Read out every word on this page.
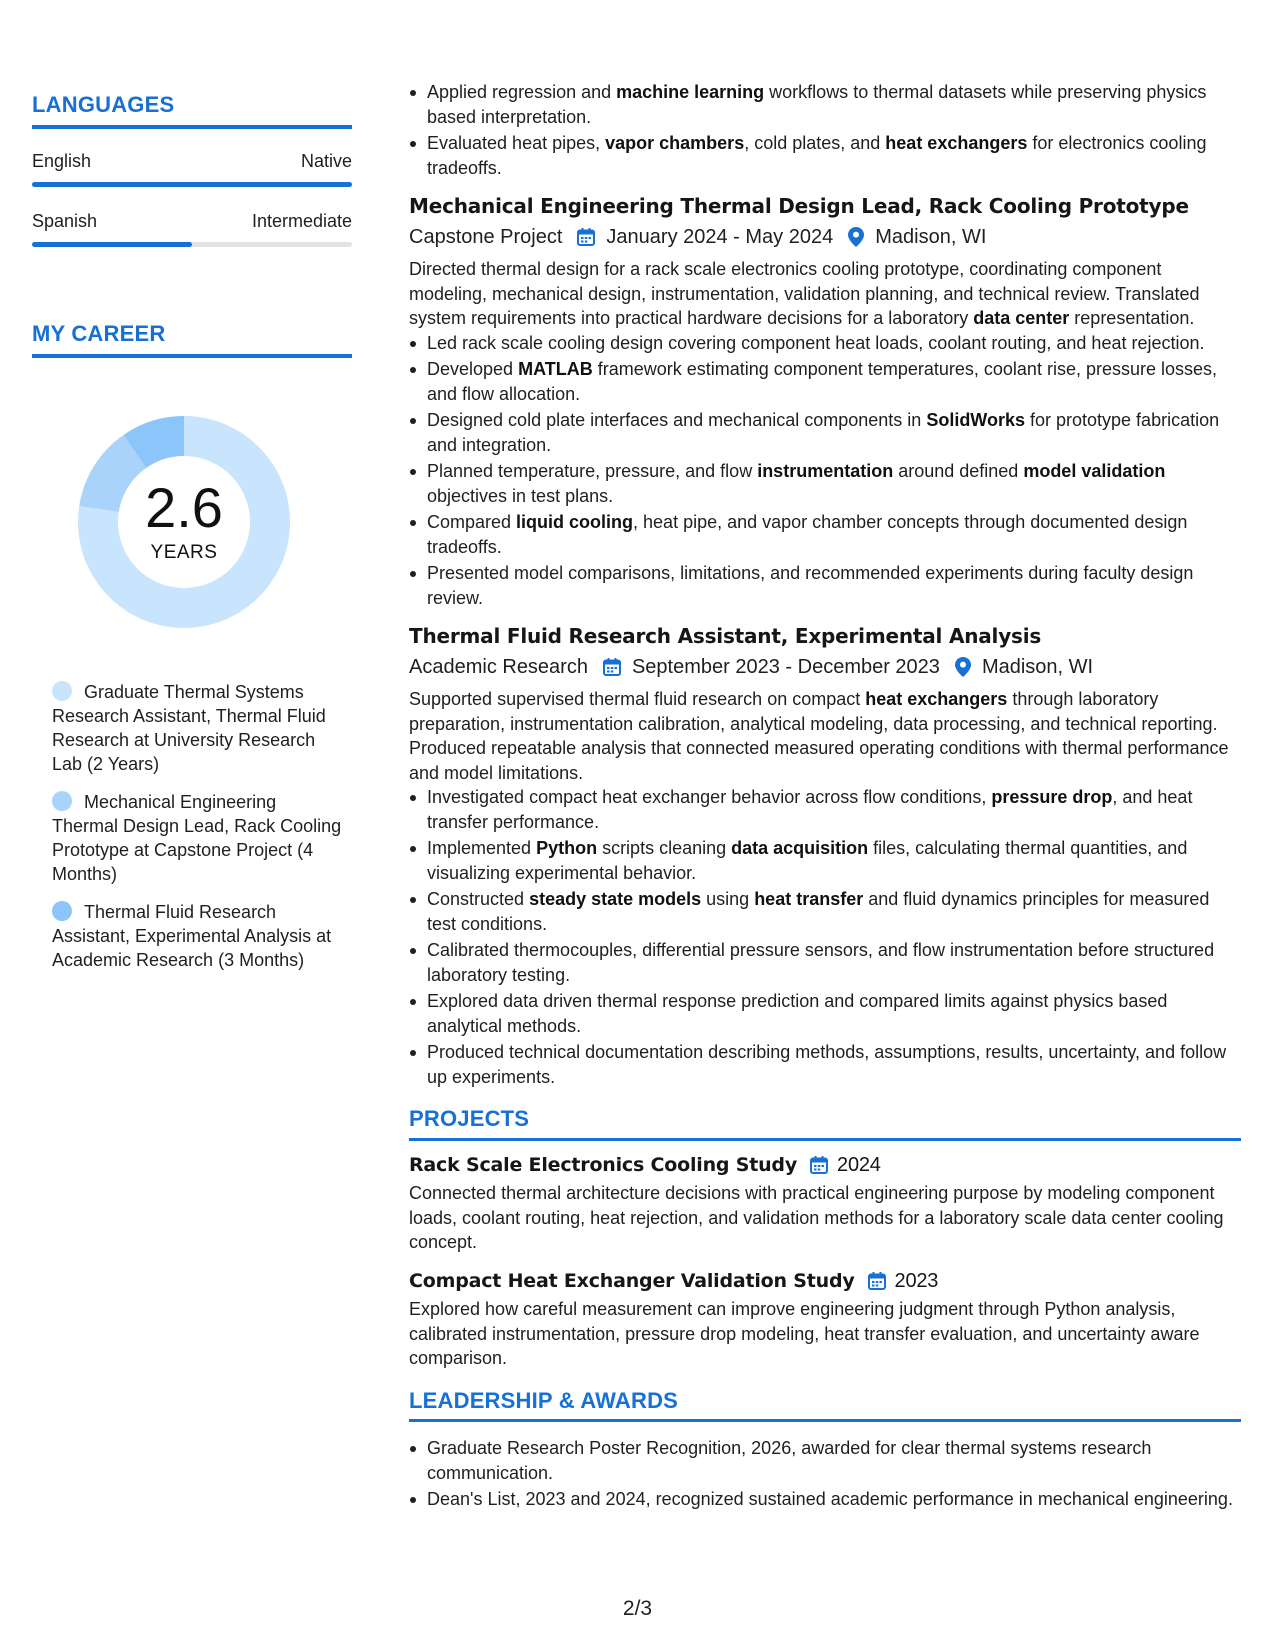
LANGUAGES
English	Native
Spanish	Intermediate
MY CAREER
2.6
YEARS
Graduate Thermal Systems Research Assistant, Thermal Fluid Research at University Research Lab (2 Years)
Mechanical Engineering Thermal Design Lead, Rack Cooling Prototype at Capstone Project (4 Months)
Thermal Fluid Research Assistant, Experimental Analysis at Academic Research (3 Months)
Applied regression and machine learning workflows to thermal datasets while preserving physics based interpretation.
Evaluated heat pipes, vapor chambers, cold plates, and heat exchangers for electronics cooling tradeoffs.
Mechanical Engineering Thermal Design Lead, Rack Cooling Prototype
Capstone Project January 2024 - May 2024 Madison, WI
Directed thermal design for a rack scale electronics cooling prototype, coordinating component modeling, mechanical design, instrumentation, validation planning, and technical review. Translated system requirements into practical hardware decisions for a laboratory data center representation.
Led rack scale cooling design covering component heat loads, coolant routing, and heat rejection.
Developed MATLAB framework estimating component temperatures, coolant rise, pressure losses, and flow allocation.
Designed cold plate interfaces and mechanical components in SolidWorks for prototype fabrication and integration.
Planned temperature, pressure, and flow instrumentation around defined model validation objectives in test plans.
Compared liquid cooling, heat pipe, and vapor chamber concepts through documented design tradeoffs.
Presented model comparisons, limitations, and recommended experiments during faculty design review.
Thermal Fluid Research Assistant, Experimental Analysis
Academic Research September 2023 - December 2023 Madison, WI
Supported supervised thermal fluid research on compact heat exchangers through laboratory preparation, instrumentation calibration, analytical modeling, data processing, and technical reporting. Produced repeatable analysis that connected measured operating conditions with thermal performance and model limitations.
Investigated compact heat exchanger behavior across flow conditions, pressure drop, and heat transfer performance.
Implemented Python scripts cleaning data acquisition files, calculating thermal quantities, and visualizing experimental behavior.
Constructed steady state models using heat transfer and fluid dynamics principles for measured test conditions.
Calibrated thermocouples, differential pressure sensors, and flow instrumentation before structured laboratory testing.
Explored data driven thermal response prediction and compared limits against physics based analytical methods.
Produced technical documentation describing methods, assumptions, results, uncertainty, and follow up experiments.
PROJECTS
Rack Scale Electronics Cooling Study 2024
Connected thermal architecture decisions with practical engineering purpose by modeling component loads, coolant routing, heat rejection, and validation methods for a laboratory scale data center cooling concept.
Compact Heat Exchanger Validation Study 2023
Explored how careful measurement can improve engineering judgment through Python analysis, calibrated instrumentation, pressure drop modeling, heat transfer evaluation, and uncertainty aware comparison.
LEADERSHIP & AWARDS
Graduate Research Poster Recognition, 2026, awarded for clear thermal systems research communication.
Dean's List, 2023 and 2024, recognized sustained academic performance in mechanical engineering.
2/3
